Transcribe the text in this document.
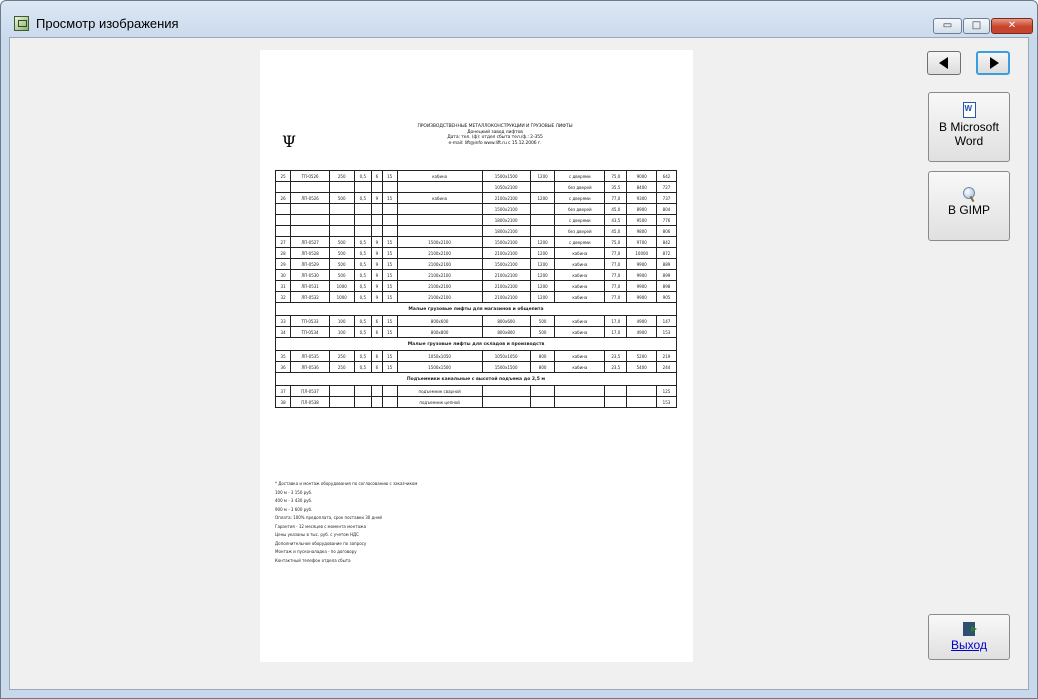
Просмотр изображения	▭	□	✕
Ψ
ПРОИЗВОДСТВЕННЫЕ МЕТАЛЛОКОНСТРУКЦИИ И ГРУЗОВЫЕ ЛИФТЫ
Донецкий завод лифтов
Дата: тел. (ф): отдел сбыта тел./ф.: 2-355
e-mail: lift@info www.lift.ru с 15.12.2006 г.
25	ТП-0526	250	0,5	6	15	кабина	1500x1500	1200	с дверями	75,0	9000	642
							1050x2100		без дверей	35,5	8400	727
26	ЛП-0526	500	0,5	9	15	кабина	2100x2100	1200	с дверями	77,0	9300	737
							1500x2100		без дверей	45,0	8900	804
							1800x2100		с дверями	43,5	9500	776
							1800x2100		без дверей	45,0	9800	806
27	ЛП-0527	500	0,5	9	15	1500x2100	1500x2100	1200	с дверями	75,0	9700	842
28	ЛП-0528	500	0,5	9	15	2100x2100	2100x2100	1200	кабина	77,0	10000	872
29	ЛП-0529	500	0,5	9	15	2100x2100	1500x2100	1200	кабина	77,0	9900	889
30	ЛП-0530	500	0,5	9	15	2100x2100	2100x2100	1200	кабина	77,0	9900	899
31	ЛП-0531	1000	0,5	9	15	2100x2100	2100x2100	1200	кабина	77,0	9900	898
32	ЛП-0532	1000	0,5	9	15	2100x2100	2100x2100	1200	кабина	77,0	9900	905
Малые грузовые лифты для магазинов и общепита												
33	ТП-0533	100	0,5	6	15	800x600	800x600	500	кабина	17,0	4900	147
34	ТП-0534	100	0,5	6	15	800x800	800x800	500	кабина	17,0	4900	153
Малые грузовые лифты для складов и производств												
35	ЛП-0535	250	0,5	6	15	1050x1050	1050x1050	800	кабина	23,5	5200	219
36	ЛП-0536	250	0,5	6	15	1500x1500	1500x1500	800	кабина	23,5	5400	244
Подъемники канальные с высотой подъема до 2,5 м												
37	ПЛ-0537					подъемник сварной						125
38	ПЛ-0538					подъемник цепной						153
* Доставка и монтаж оборудования по согласованию с заказчиком
100 м - 3 150 руб.
400 м - 3 430 руб.
900 м - 3 600 руб.
Оплата: 100% предоплата, срок поставки 30 дней
Гарантия - 12 месяцев с момента монтажа
Цены указаны в тыс. руб. с учетом НДС
Дополнительное оборудование по запросу
Монтаж и пусконаладка - по договору
Контактный телефон отдела сбыта
W
В Microsoft Word
В GIMP
Выход
